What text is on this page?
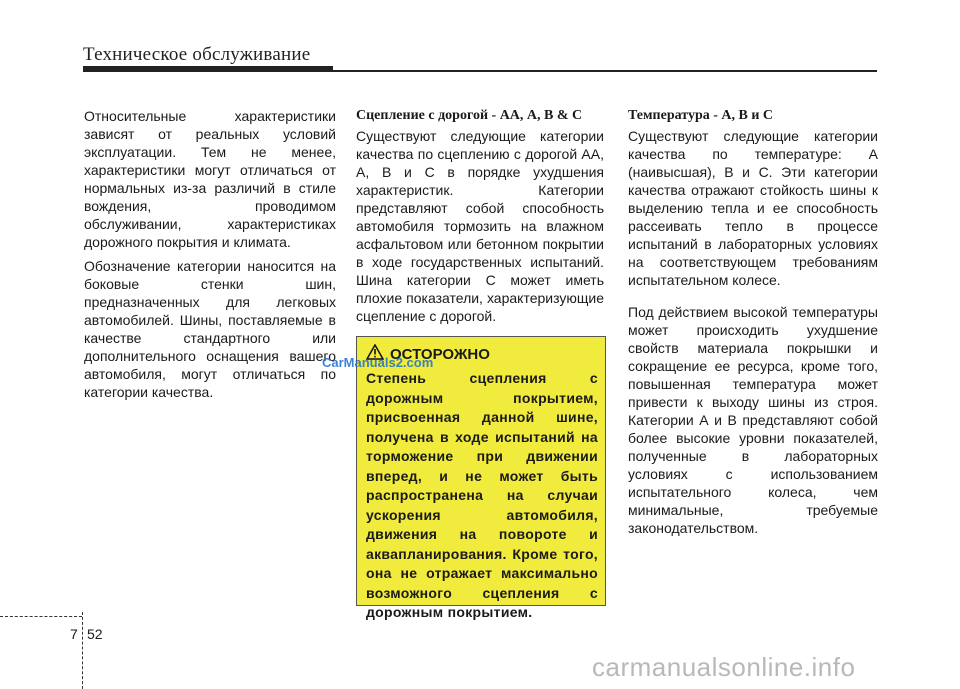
Техническое обслуживание

Относительные характеристики зависят от реальных условий эксплуатации. Тем не менее, характеристики могут отличаться от нормальных из-за различий в стиле вождения, проводимом обслуживании, характеристиках дорожного покрытия и климата.

Обозначение категории наносится на боковые стенки шин, предназначенных для легковых автомобилей. Шины, поставляемые в качестве стандартного или дополнительного оснащения вашего автомобиля, могут отличаться по категории качества.

Сцепление с дорогой - АА, А, В & С

Существуют следующие категории качества по сцеплению с дорогой АА, А, В и С в порядке ухудшения характеристик. Категории представляют собой способность автомобиля тормозить на влажном асфальтовом или бетонном покрытии в ходе государственных испытаний. Шина категории С может иметь плохие показатели, характеризующие сцепление с дорогой.

ОСТОРОЖНО

Степень сцепления с дорожным покрытием, присвоенная данной шине, получена в ходе испытаний на торможение при движении вперед, и не может быть распространена на случаи ускорения автомобиля, движения на повороте и аквапланирования. Кроме того, она не отражает максимально возможного сцепления с дорожным покрытием.

Температура - А, В и С

Существуют следующие категории качества по температуре: А (наивысшая), В и С. Эти категории качества отражают стойкость шины к выделению тепла и ее способность рассеивать тепло в процессе испытаний в лабораторных условиях на соответствующем требованиям испытательном колесе.

Под действием высокой температуры может происходить ухудшение свойств материала покрышки и сокращение ее ресурса, кроме того, повышенная температура может привести к выходу шины из строя. Категории А и В представляют собой более высокие уровни показателей, полученные в лабораторных условиях с использованием испытательного колеса, чем минимальные, требуемые законодательством.

CarManuals2.com
7 52
carmanualsonline.info
